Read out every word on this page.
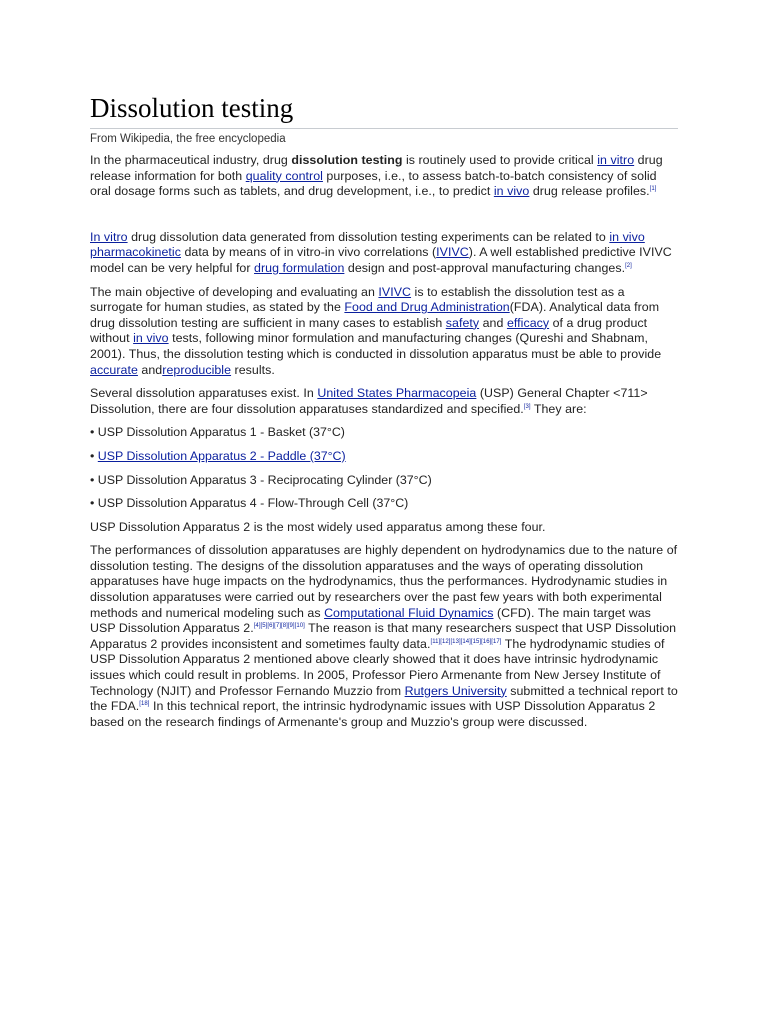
Dissolution testing
From Wikipedia, the free encyclopedia

In the pharmaceutical industry, drug dissolution testing is routinely used to provide critical in vitro drug release information for both quality control purposes, i.e., to assess batch-to-batch consistency of solid oral dosage forms such as tablets, and drug development, i.e., to predict in vivo drug release profiles.[1]

In vitro drug dissolution data generated from dissolution testing experiments can be related to in vivo pharmacokinetic data by means of in vitro-in vivo correlations (IVIVC). A well established predictive IVIVC model can be very helpful for drug formulation design and post-approval manufacturing changes.[2]

The main objective of developing and evaluating an IVIVC is to establish the dissolution test as a surrogate for human studies, as stated by the Food and Drug Administration(FDA). Analytical data from drug dissolution testing are sufficient in many cases to establish safety and efficacy of a drug product without in vivo tests, following minor formulation and manufacturing changes (Qureshi and Shabnam, 2001). Thus, the dissolution testing which is conducted in dissolution apparatus must be able to provide accurate andreproducible results.

Several dissolution apparatuses exist. In United States Pharmacopeia (USP) General Chapter <711> Dissolution, there are four dissolution apparatuses standardized and specified.[3] They are:

• USP Dissolution Apparatus 1 - Basket (37°C)
• USP Dissolution Apparatus 2 - Paddle (37°C)
• USP Dissolution Apparatus 3 - Reciprocating Cylinder (37°C)
• USP Dissolution Apparatus 4 - Flow-Through Cell (37°C)

USP Dissolution Apparatus 2 is the most widely used apparatus among these four.

The performances of dissolution apparatuses are highly dependent on hydrodynamics due to the nature of dissolution testing. The designs of the dissolution apparatuses and the ways of operating dissolution apparatuses have huge impacts on the hydrodynamics, thus the performances. Hydrodynamic studies in dissolution apparatuses were carried out by researchers over the past few years with both experimental methods and numerical modeling such as Computational Fluid Dynamics (CFD). The main target was USP Dissolution Apparatus 2.[4][5][6][7][8][9][10] The reason is that many researchers suspect that USP Dissolution Apparatus 2 provides inconsistent and sometimes faulty data.[11][12][13][14][15][16][17] The hydrodynamic studies of USP Dissolution Apparatus 2 mentioned above clearly showed that it does have intrinsic hydrodynamic issues which could result in problems. In 2005, Professor Piero Armenante from New Jersey Institute of Technology (NJIT) and Professor Fernando Muzzio from Rutgers University submitted a technical report to the FDA.[18] In this technical report, the intrinsic hydrodynamic issues with USP Dissolution Apparatus 2 based on the research findings of Armenante's group and Muzzio's group were discussed.
